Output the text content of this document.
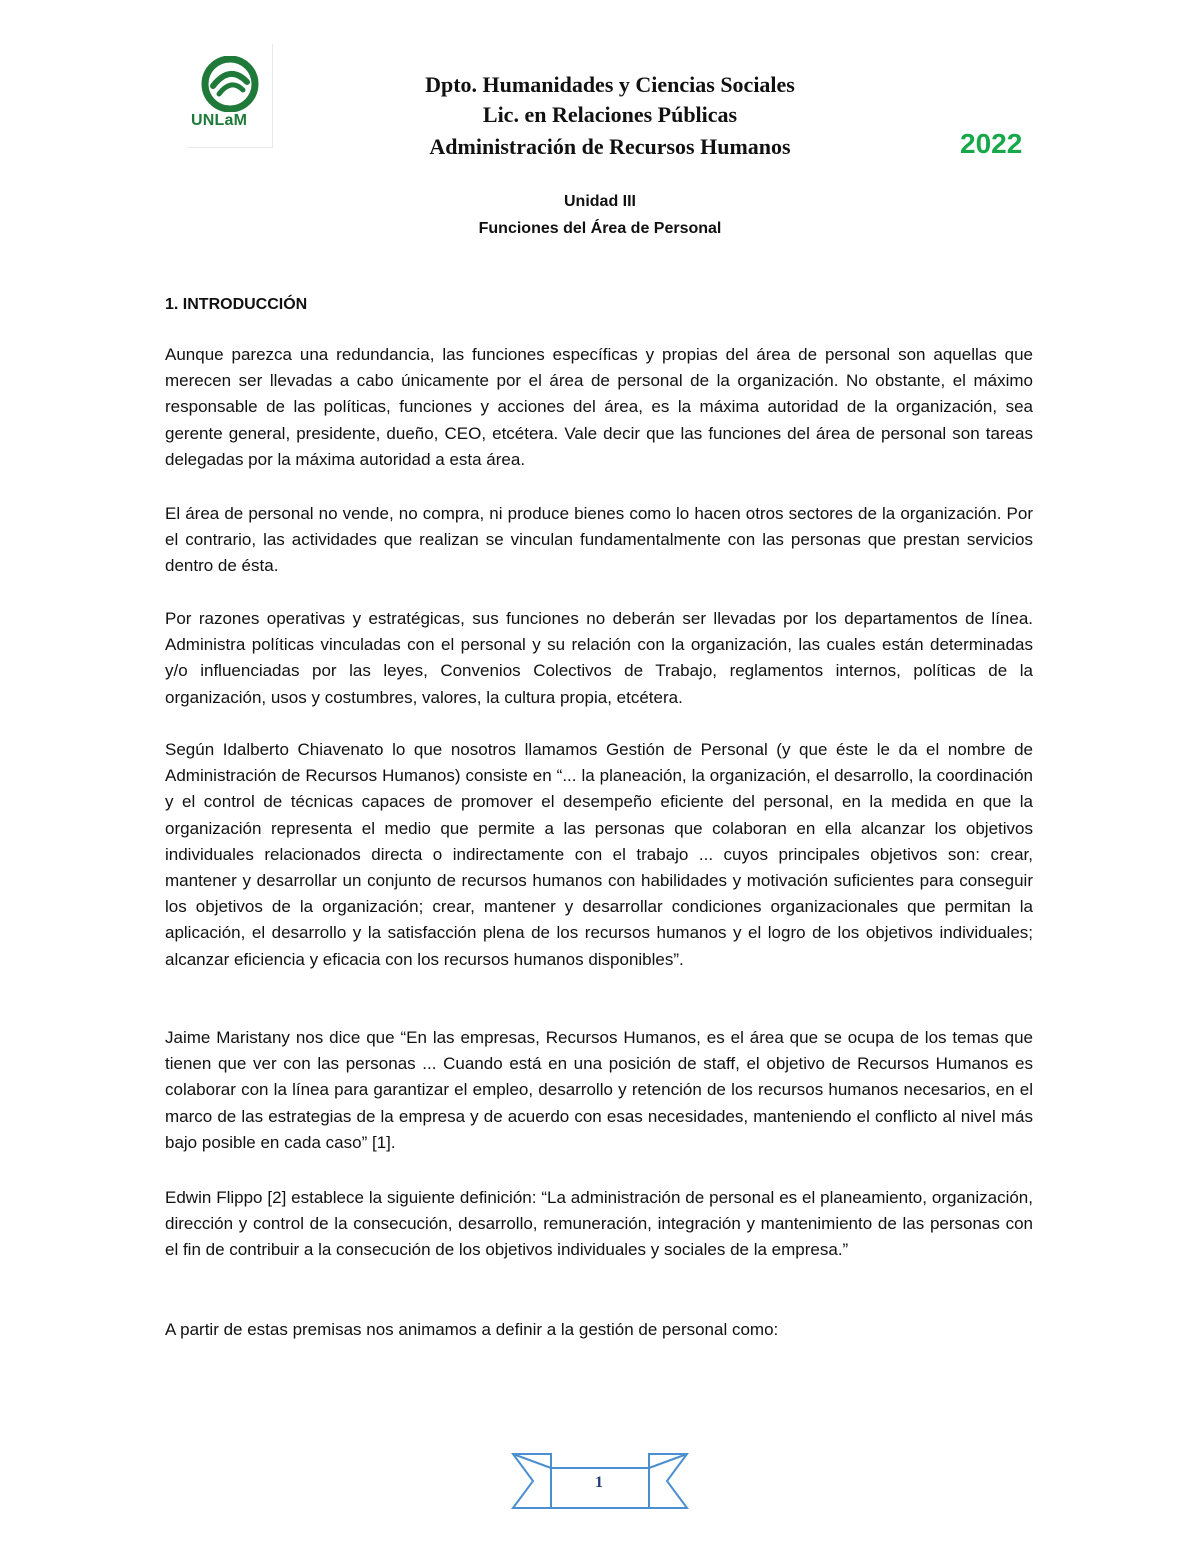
UNLaM
Dpto. Humanidades y Ciencias Sociales
Lic. en Relaciones Públicas
Administración de Recursos Humanos	2022
Unidad III
Funciones del Área de Personal
1. INTRODUCCIÓN

Aunque parezca una redundancia, las funciones específicas y propias del área de personal son aquellas que merecen ser llevadas a cabo únicamente por el área de personal de la organización. No obstante, el máximo responsable de las políticas, funciones y acciones del área, es la máxima autoridad de la organización, sea gerente general, presidente, dueño, CEO, etcétera. Vale decir que las funciones del área de personal son tareas delegadas por la máxima autoridad a esta área.

El área de personal no vende, no compra, ni produce bienes como lo hacen otros sectores de la organización. Por el contrario, las actividades que realizan se vinculan fundamentalmente con las personas que prestan servicios dentro de ésta.

Por razones operativas y estratégicas, sus funciones no deberán ser llevadas por los departamentos de línea. Administra políticas vinculadas con el personal y su relación con la organización, las cuales están determinadas y/o influenciadas por las leyes, Convenios Colectivos de Trabajo, reglamentos internos, políticas de la organización, usos y costumbres, valores, la cultura propia, etcétera.

Según Idalberto Chiavenato lo que nosotros llamamos Gestión de Personal (y que éste le da el nombre de Administración de Recursos Humanos) consiste en “... la planeación, la organización, el desarrollo, la coordinación y el control de técnicas capaces de promover el desempeño eficiente del personal, en la medida en que la organización representa el medio que permite a las personas que colaboran en ella alcanzar los objetivos individuales relacionados directa o indirectamente con el trabajo ... cuyos principales objetivos son: crear, mantener y desarrollar un conjunto de recursos humanos con habilidades y motivación suficientes para conseguir los objetivos de la organización; crear, mantener y desarrollar condiciones organizacionales que permitan la aplicación, el desarrollo y la satisfacción plena de los recursos humanos y el logro de los objetivos individuales; alcanzar eficiencia y eficacia con los recursos humanos disponibles”.

Jaime Maristany nos dice que “En las empresas, Recursos Humanos, es el área que se ocupa de los temas que tienen que ver con las personas ... Cuando está en una posición de staff, el objetivo de Recursos Humanos es colaborar con la línea para garantizar el empleo, desarrollo y retención de los recursos humanos necesarios, en el marco de las estrategias de la empresa y de acuerdo con esas necesidades, manteniendo el conflicto al nivel más bajo posible en cada caso” [1].

Edwin Flippo [2] establece la siguiente definición: “La administración de personal es el planeamiento, organización, dirección y control de la consecución, desarrollo, remuneración, integración y mantenimiento de las personas con el fin de contribuir a la consecución de los objetivos individuales y sociales de la empresa.”

A partir de estas premisas nos animamos a definir a la gestión de personal como:

1
